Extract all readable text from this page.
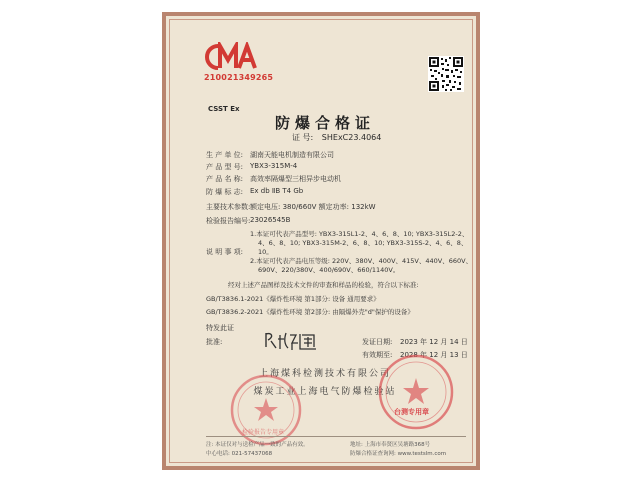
210021349265
CSST Ex
防爆合格证
证 号: SHExC23.4064
生 产 单 位: 湖南天能电机制造有限公司
产 品 型 号: YBX3-315M-4
产 品 名 称: 高效率隔爆型三相异步电动机
防 爆 标 志: Ex db ⅡB T4 Gb
主要技术参数: 额定电压: 380/660V 额定功率: 132kW
检验报告编号: 23026545B
说 明 事 项:
1.本证可代表产品型号: YBX3-315L1-2、4、6、8、10; YBX3-315L2-2、
4、6、8、10; YBX3-315M-2、6、8、10; YBX3-315S-2、4、6、8、
10。
2.本证可代表产品电压等级: 220V、380V、400V、415V、440V、660V、
690V、220/380V、400/690V、660/1140V。
经对上述产品图样及技术文件的审查和样品的检验，符合以下标准:
GB/T3836.1-2021《爆炸性环境 第1部分: 设备 通用要求》
GB/T3836.2-2021《爆炸性环境 第2部分: 由隔爆外壳"d"保护的设备》
特发此证
批准:	发证日期: 2023 年 12 月 14 日
有效期至: 2028 年 12 月 13 日
上海煤科检测技术有限公司
煤炭工业上海电气防爆检验站
检验报告专用章
台测专用章
注: 本证仅对与送检产品一致的产品有效。
中心电话: 021-57437068
地址: 上海市奉贤区吴塘路368号
防爆合格证查询网: www.testslm.com
